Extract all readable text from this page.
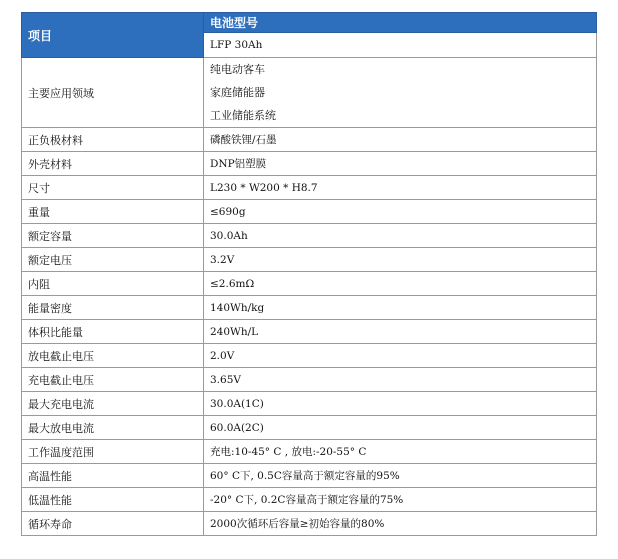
项目	电池型号
	LFP 30Ah
主要应用领域	纯电动客车
家庭储能器
工业储能系统

正负极材料	磷酸铁锂/石墨
外壳材料	DNP铝塑膜
尺寸	L230 * W200 * H8.7
重量	≤690g
额定容量	30.0Ah
额定电压	3.2V
内阻	≤2.6mΩ
能量密度	140Wh/kg
体积比能量	240Wh/L
放电截止电压	2.0V
充电截止电压	3.65V
最大充电电流	30.0A(1C)
最大放电电流	60.0A(2C)
工作温度范围	充电:10-45° C , 放电:-20-55° C
高温性能	60° C下, 0.5C容量高于额定容量的95%
低温性能	-20° C下, 0.2C容量高于额定容量的75%
循环寿命	2000次循环后容量≥初始容量的80%
